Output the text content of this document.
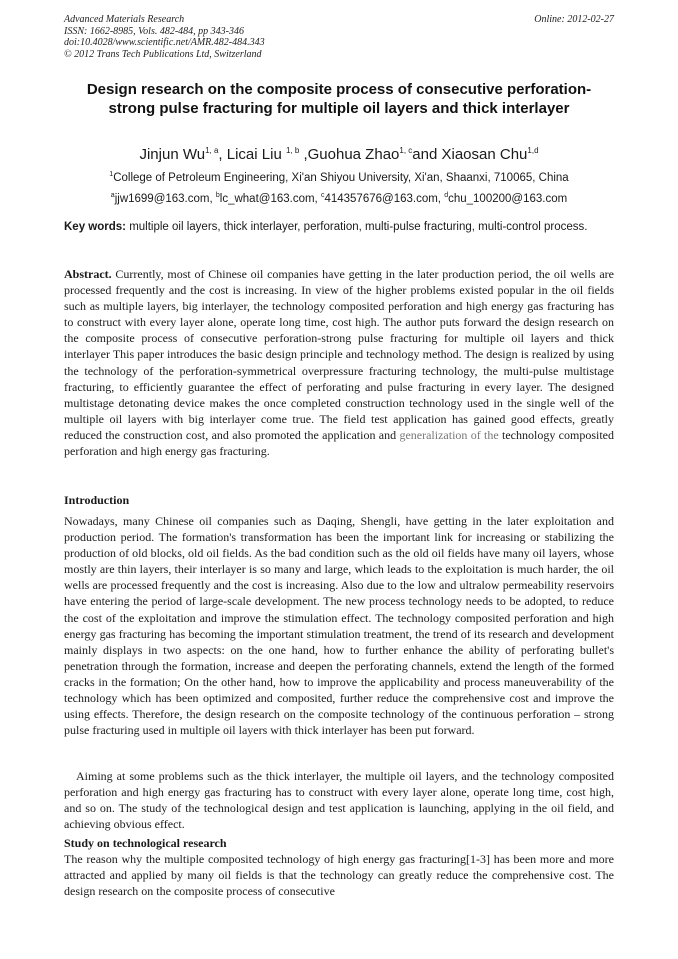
Advanced Materials Research
ISSN: 1662-8985, Vols. 482-484, pp 343-346
doi:10.4028/www.scientific.net/AMR.482-484.343
© 2012 Trans Tech Publications Ltd, Switzerland
Online: 2012-02-27
Design research on the composite process of consecutive perforation-strong pulse fracturing for multiple oil layers and thick interlayer
Jinjun Wu$^{1, a}$, Licai Liu $^{1, b}$ ,Guohua Zhao$^{1, c}$and Xiaosan Chu$^{1,d}$
$^1$College of Petroleum Engineering, Xi'an Shiyou University, Xi'an, Shaanxi, 710065, China
$^a$jjw1699@163.com, $^b$lc_what@163.com, $^c$414357676@163.com, $^d$chu_100200@163.com
Key words: multiple oil layers, thick interlayer, perforation, multi-pulse fracturing, multi-control process.
Abstract. Currently, most of Chinese oil companies have getting in the later production period, the oil wells are processed frequently and the cost is increasing. In view of the higher problems existed popular in the oil fields such as multiple layers, big interlayer, the technology composited perforation and high energy gas fracturing has to construct with every layer alone, operate long time, cost high. The author puts forward the design research on the composite process of consecutive perforation-strong pulse fracturing for multiple oil layers and thick interlayer This paper introduces the basic design principle and technology method. The design is realized by using the technology of the perforation-symmetrical overpressure fracturing technology, the multi-pulse multistage fracturing, to efficiently guarantee the effect of perforating and pulse fracturing in every layer. The designed multistage detonating device makes the once completed construction technology used in the single well of the multiple oil layers with big interlayer come true. The field test application has gained good effects, greatly reduced the construction cost, and also promoted the application and generalization of the technology composited perforation and high energy gas fracturing.
Introduction
Nowadays, many Chinese oil companies such as Daqing, Shengli, have getting in the later exploitation and production period. The formation's transformation has been the important link for increasing or stabilizing the production of old blocks, old oil fields. As the bad condition such as the old oil fields have many oil layers, whose mostly are thin layers, their interlayer is so many and large, which leads to the exploitation is much harder, the oil wells are processed frequently and the cost is increasing. Also due to the low and ultralow permeability reservoirs have entering the period of large-scale development. The new process technology needs to be adopted, to reduce the cost of the exploitation and improve the stimulation effect. The technology composited perforation and high energy gas fracturing has becoming the important stimulation treatment, the trend of its research and development mainly displays in two aspects: on the one hand, how to further enhance the ability of perforating bullet's penetration through the formation, increase and deepen the perforating channels, extend the length of the formed cracks in the formation; On the other hand, how to improve the applicability and process maneuverability of the technology which has been optimized and composited, further reduce the comprehensive cost and improve the using effects. Therefore, the design research on the composite technology of the continuous perforation – strong pulse fracturing used in multiple oil layers with thick interlayer has been put forward.
Aiming at some problems such as the thick interlayer, the multiple oil layers, and the technology composited perforation and high energy gas fracturing has to construct with every layer alone, operate long time, cost high, and so on. The study of the technological design and test application is launching, applying in the oil field, and achieving obvious effect.
Study on technological research
The reason why the multiple composited technology of high energy gas fracturing[1-3] has been more and more attracted and applied by many oil fields is that the technology can greatly reduce the comprehensive cost. The design research on the composite process of consecutive
